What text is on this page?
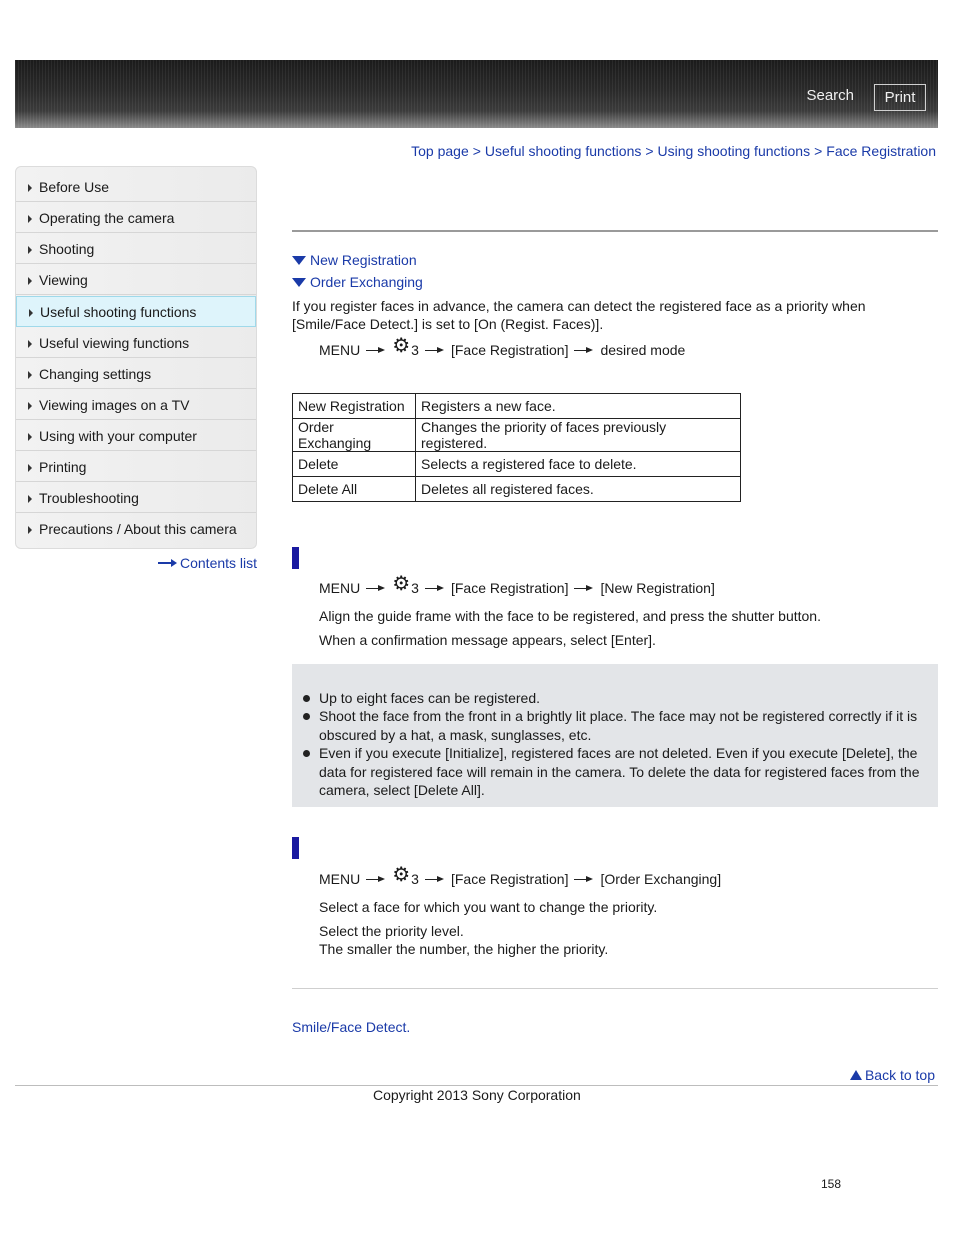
Search	Print
Top page > Useful shooting functions > Using shooting functions > Face Registration
Before Use
Operating the camera
Shooting
Viewing
Useful shooting functions
Useful viewing functions
Changing settings
Viewing images on a TV
Using with your computer
Printing
Troubleshooting
Precautions / About this camera
Contents list
New Registration
Order Exchanging
If you register faces in advance, the camera can detect the registered face as a priority when [Smile/Face Detect.] is set to [On (Regist. Faces)].
MENU ⚙ 3 [Face Registration] desired mode
New Registration	Registers a new face.
Order Exchanging	Changes the priority of faces previously registered.
Delete	Selects a registered face to delete.
Delete All	Deletes all registered faces.
MENU ⚙ 3 [Face Registration] [New Registration]
Align the guide frame with the face to be registered, and press the shutter button.
When a confirmation message appears, select [Enter].
Up to eight faces can be registered.
Shoot the face from the front in a brightly lit place. The face may not be registered correctly if it is obscured by a hat, a mask, sunglasses, etc.
Even if you execute [Initialize], registered faces are not deleted. Even if you execute [Delete], the data for registered face will remain in the camera. To delete the data for registered faces from the camera, select [Delete All].
MENU ⚙ 3 [Face Registration] [Order Exchanging]
Select a face for which you want to change the priority.
Select the priority level.
The smaller the number, the higher the priority.
Smile/Face Detect.
Back to top
Copyright 2013 Sony Corporation
158
